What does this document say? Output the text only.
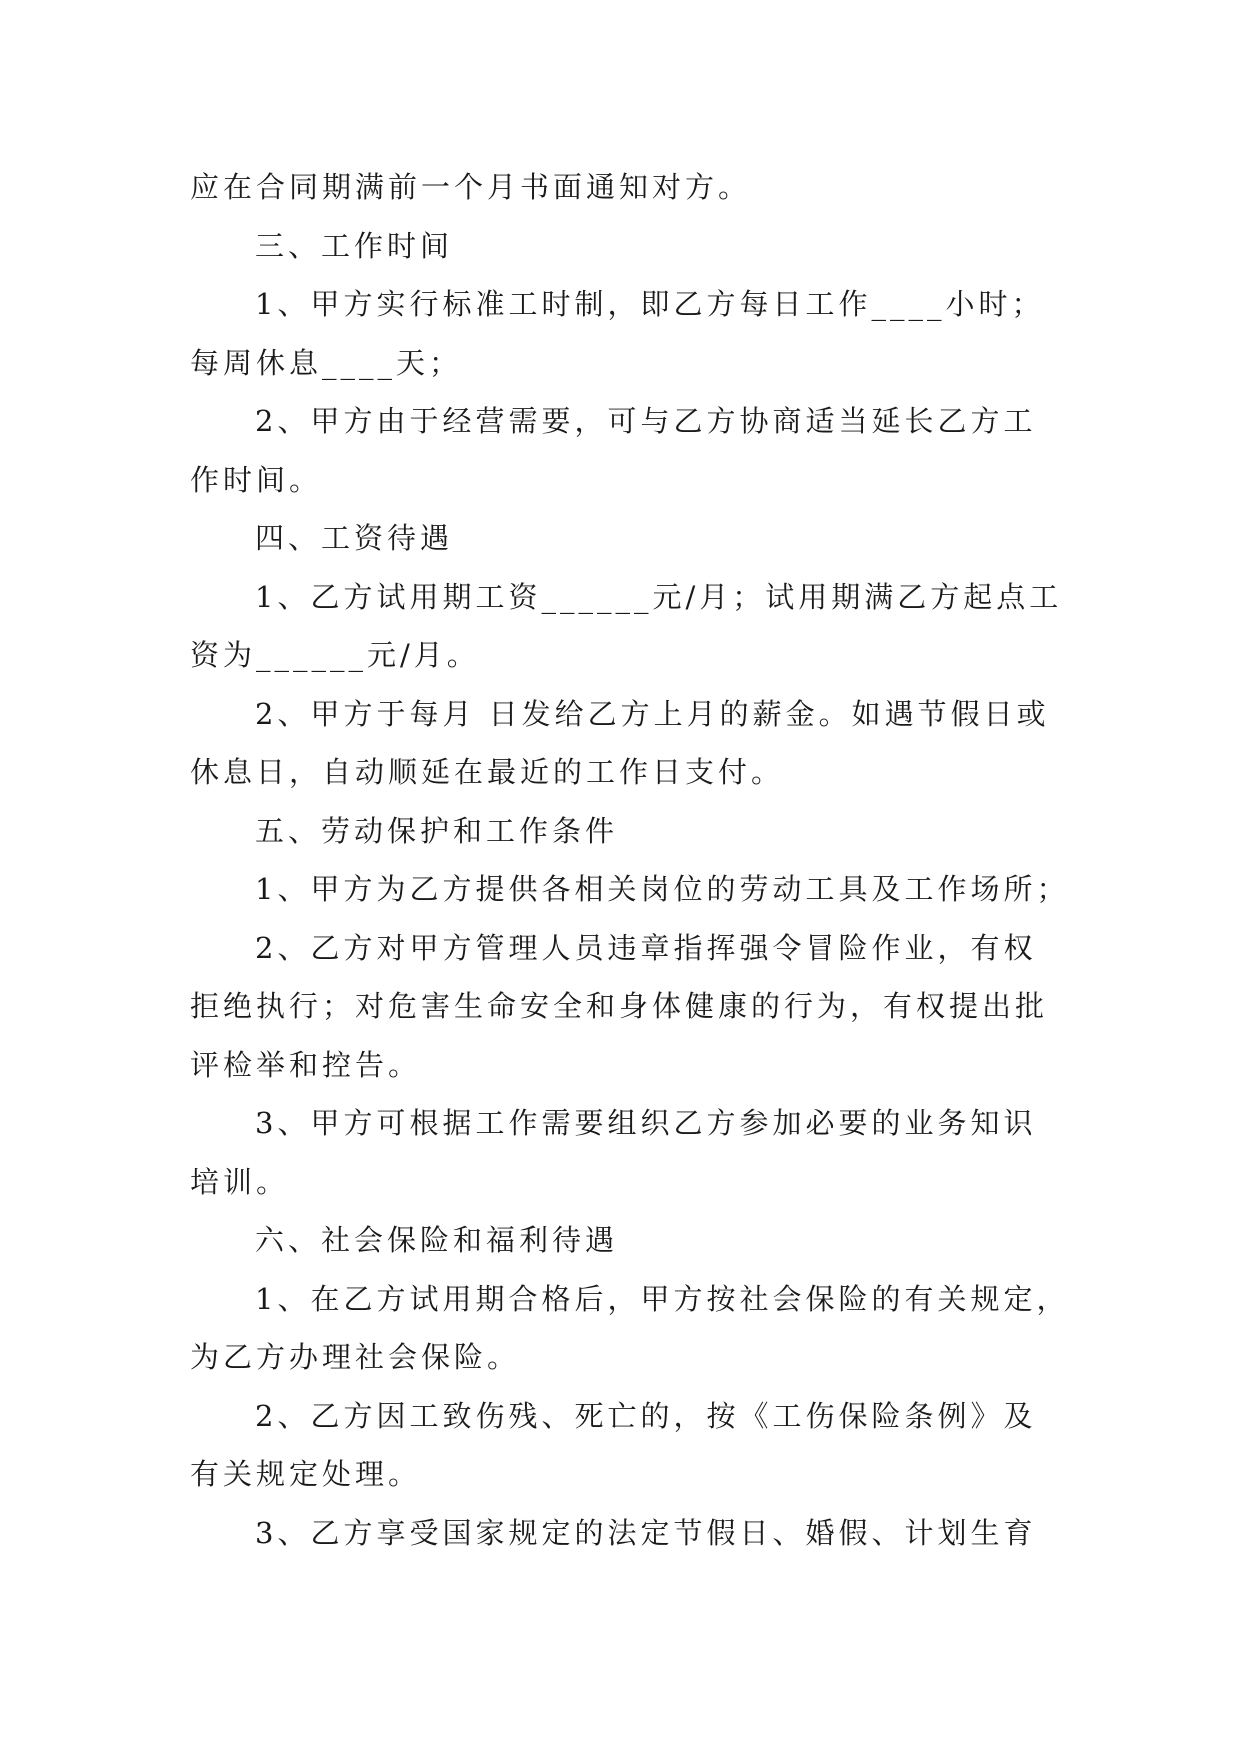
应在合同期满前一个月书面通知对方。
三、工作时间
1、甲方实行标准工时制，即乙方每日工作____小时；
每周休息____天；
2、甲方由于经营需要，可与乙方协商适当延长乙方工
作时间。
四、工资待遇
1、乙方试用期工资______元/月；试用期满乙方起点工
资为______元/月。
2、甲方于每月 日发给乙方上月的薪金。如遇节假日或
休息日，自动顺延在最近的工作日支付。
五、劳动保护和工作条件
1、甲方为乙方提供各相关岗位的劳动工具及工作场所；
2、乙方对甲方管理人员违章指挥强令冒险作业，有权
拒绝执行；对危害生命安全和身体健康的行为，有权提出批
评检举和控告。
3、甲方可根据工作需要组织乙方参加必要的业务知识
培训。
六、社会保险和福利待遇
1、在乙方试用期合格后，甲方按社会保险的有关规定，
为乙方办理社会保险。
2、乙方因工致伤残、死亡的，按《工伤保险条例》及
有关规定处理。
3、乙方享受国家规定的法定节假日、婚假、计划生育
